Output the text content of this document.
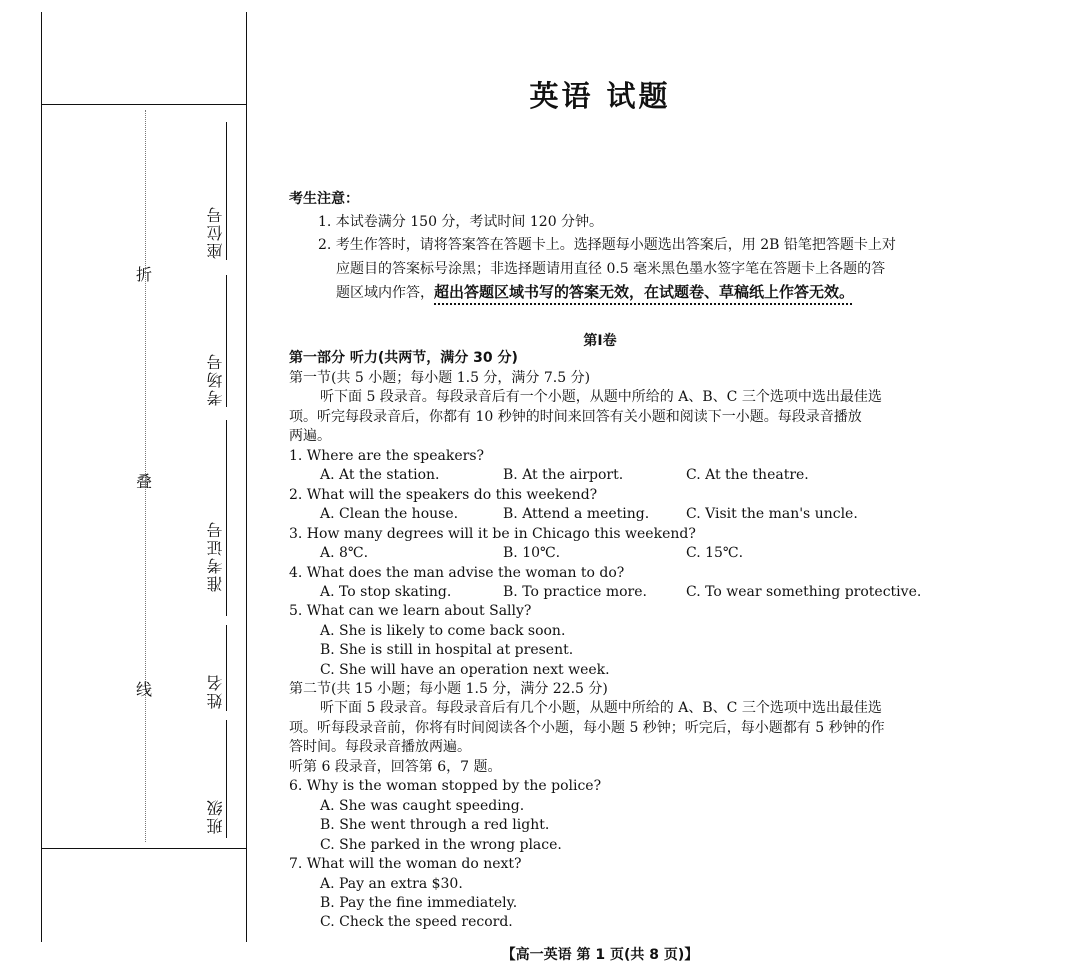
折
叠
线
座位号
考场号
准考证号
姓名
班级
英语 试题
考生注意：
1. 本试卷满分 150 分，考试时间 120 分钟。
2. 考生作答时，请将答案答在答题卡上。选择题每小题选出答案后，用 2B 铅笔把答题卡上对
应题目的答案标号涂黑；非选择题请用直径 0.5 毫米黑色墨水签字笔在答题卡上各题的答
题区域内作答，超出答题区域书写的答案无效，在试题卷、草稿纸上作答无效。
第Ⅰ卷
第一部分 听力(共两节，满分 30 分)
第一节(共 5 小题；每小题 1.5 分，满分 7.5 分)
听下面 5 段录音。每段录音后有一个小题，从题中所给的 A、B、C 三个选项中选出最佳选
项。听完每段录音后，你都有 10 秒钟的时间来回答有关小题和阅读下一小题。每段录音播放
两遍。
1. Where are the speakers?
A. At the station.	B. At the airport.	C. At the theatre.
2. What will the speakers do this weekend?
A. Clean the house.	B. Attend a meeting.	C. Visit the man's uncle.
3. How many degrees will it be in Chicago this weekend?
A. 8℃.	B. 10℃.	C. 15℃.
4. What does the man advise the woman to do?
A. To stop skating.	B. To practice more.	C. To wear something protective.
5. What can we learn about Sally?
A. She is likely to come back soon.
B. She is still in hospital at present.
C. She will have an operation next week.
第二节(共 15 小题；每小题 1.5 分，满分 22.5 分)
听下面 5 段录音。每段录音后有几个小题，从题中所给的 A、B、C 三个选项中选出最佳选
项。听每段录音前，你将有时间阅读各个小题，每小题 5 秒钟；听完后，每小题都有 5 秒钟的作
答时间。每段录音播放两遍。
听第 6 段录音，回答第 6，7 题。
6. Why is the woman stopped by the police?
A. She was caught speeding.
B. She went through a red light.
C. She parked in the wrong place.
7. What will the woman do next?
A. Pay an extra $30.
B. Pay the fine immediately.
C. Check the speed record.
【高一英语 第 1 页(共 8 页)】
